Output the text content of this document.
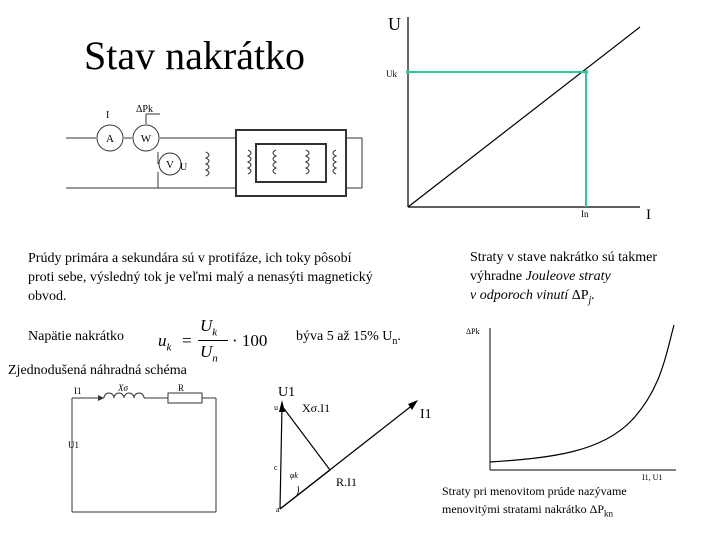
Stav nakrátko
A W
V
I
ΔPk
U
U
Uk
In	I
Prúdy primára a sekundára sú v protifáze, ich toky pôsobí proti sebe, výsledný tok je veľmi malý a nenasýti magnetický obvod.
Straty v stave nakrátko sú takmer
výhradne Jouleove straty
v odporoch vinutí $\Delta P_j$.
Napätie nakrátko $u_k$ =
$U_k$
$U_n$
· 100 býva 5 až 15% $U_n$.
Zjednodušená náhradná schéma
U1
I1	Xσ	R	U1
Xσ.I1
R.I1
I1
φk
u
c
a
ΔPk
I1, U1
Straty pri menovitom prúde nazývame
menovitými stratami nakrátko $\Delta P_{kn}$
